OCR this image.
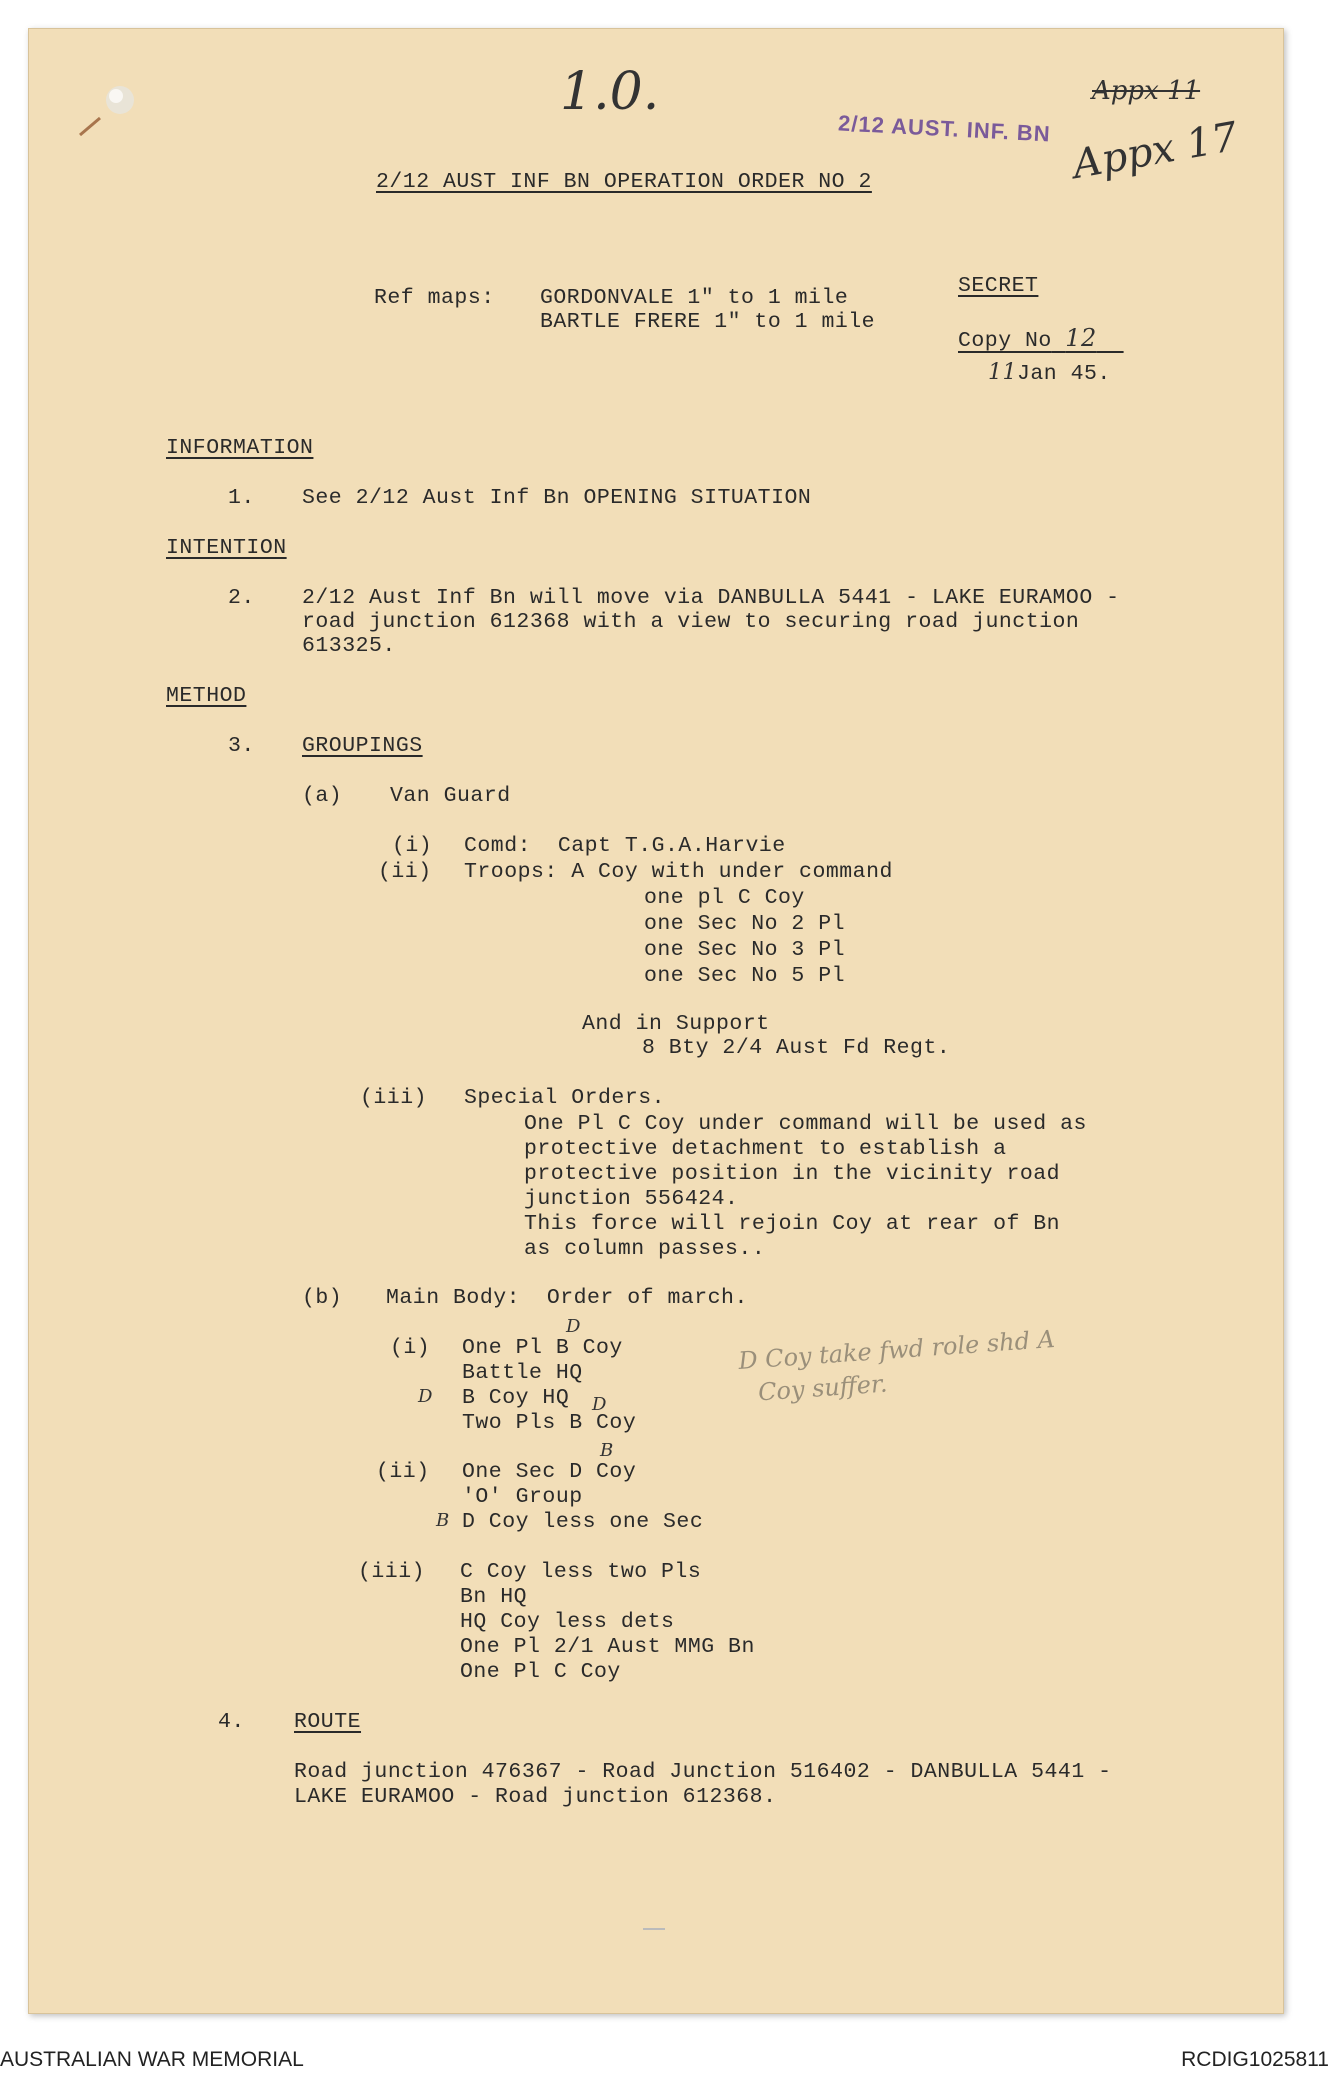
1.0.
2/12 AUST. INF. BN
Appx 11
Appx 17
2/12 AUST INF BN OPERATION ORDER NO 2
Ref maps: GORDONVALE 1" to 1 mile
BARTLE FRERE 1" to 1 mile
SECRET
Copy No 12  
11Jan 45.
INFORMATION
1. See 2/12 Aust Inf Bn OPENING SITUATION
INTENTION
2. 2/12 Aust Inf Bn will move via DANBULLA 5441 - LAKE EURAMOO -
road junction 612368 with a view to securing road junction
613325.
METHOD
3. GROUPINGS
(a) Van Guard
(i) Comd:  Capt T.G.A.Harvie
(ii) Troops: A Coy with under command
one pl C Coy
one Sec No 2 Pl
one Sec No 3 Pl
one Sec No 5 Pl
And in Support
8 Bty 2/4 Aust Fd Regt.
(iii) Special Orders.
One Pl C Coy under command will be used as
protective detachment to establish a
protective position in the vicinity road
junction 556424.
This force will rejoin Coy at rear of Bn
as column passes..
(b) Main Body:  Order of march.
(i) One Pl B Coy
Battle HQ
B Coy HQ
Two Pls B Coy
D
D	D
D Coy take fwd role shd A
Coy suffer.
(ii) One Sec D Coy
'O' Group
D Coy less one Sec
B
B
(iii) C Coy less two Pls
Bn HQ
HQ Coy less dets
One Pl 2/1 Aust MMG Bn
One Pl C Coy
4. ROUTE
Road junction 476367 - Road Junction 516402 - DANBULLA 5441 -
LAKE EURAMOO - Road junction 612368.
AUSTRALIAN WAR MEMORIAL	RCDIG1025811
